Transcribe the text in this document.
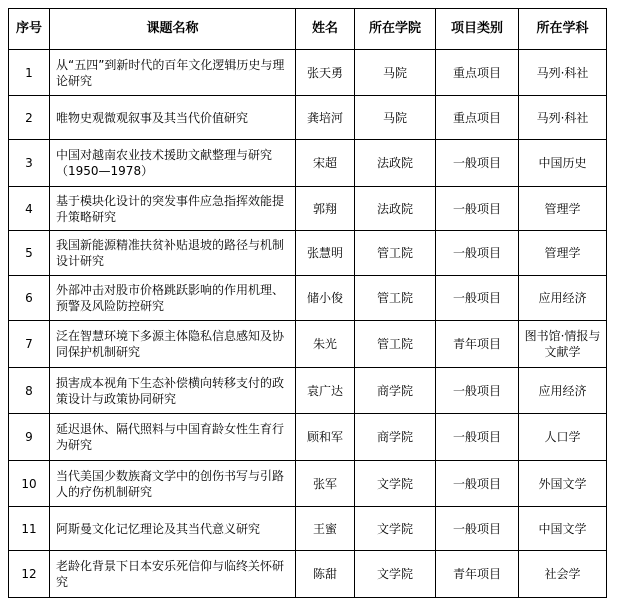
序号	课题名称	姓名	所在学院	项目类别	所在学科
1	从“五四”到新时代的百年文化逻辑历史与理论研究	张天勇	马院	重点项目	马列·科社
2	唯物史观微观叙事及其当代价值研究	龚培河	马院	重点项目	马列·科社
3	中国对越南农业技术援助文献整理与研究（1950—1978）	宋超	法政院	一般项目	中国历史
4	基于模块化设计的突发事件应急指挥效能提升策略研究	郭翔	法政院	一般项目	管理学
5	我国新能源精准扶贫补贴退坡的路径与机制设计研究	张慧明	管工院	一般项目	管理学
6	外部冲击对股市价格跳跃影响的作用机理、预警及风险防控研究	储小俊	管工院	一般项目	应用经济
7	泛在智慧环境下多源主体隐私信息感知及协同保护机制研究	朱光	管工院	青年项目	图书馆·情报与文献学
8	损害成本视角下生态补偿横向转移支付的政策设计与政策协同研究	袁广达	商学院	一般项目	应用经济
9	延迟退休、隔代照料与中国育龄女性生育行为研究	顾和军	商学院	一般项目	人口学
10	当代美国少数族裔文学中的创伤书写与引路人的疗伤机制研究	张军	文学院	一般项目	外国文学
11	阿斯曼文化记忆理论及其当代意义研究	王蜜	文学院	一般项目	中国文学
12	老龄化背景下日本安乐死信仰与临终关怀研究	陈甜	文学院	青年项目	社会学
